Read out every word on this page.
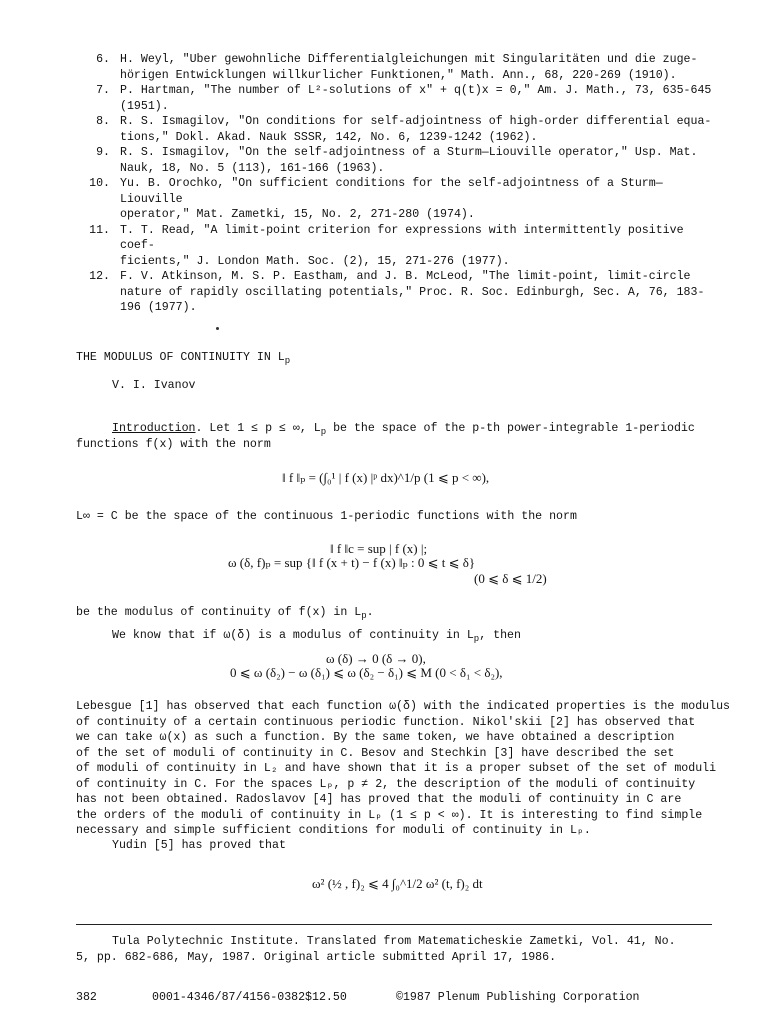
6. H. Weyl, "Uber gewohnliche Differentialgleichungen mit Singularitäten und die zuge-
hörigen Entwicklungen willkurlicher Funktionen," Math. Ann., 68, 220-269 (1910).
7. P. Hartman, "The number of L²-solutions of x" + q(t)x = 0," Am. J. Math., 73, 635-645
(1951).
8. R. S. Ismagilov, "On conditions for self-adjointness of high-order differential equa-
tions," Dokl. Akad. Nauk SSSR, 142, No. 6, 1239-1242 (1962).
9. R. S. Ismagilov, "On the self-adjointness of a Sturm—Liouville operator," Usp. Mat.
Nauk, 18, No. 5 (113), 161-166 (1963).
10. Yu. B. Orochko, "On sufficient conditions for the self-adjointness of a Sturm—Liouville
operator," Mat. Zametki, 15, No. 2, 271-280 (1974).
11. T. T. Read, "A limit-point criterion for expressions with intermittently positive coef-
ficients," J. London Math. Soc. (2), 15, 271-276 (1977).
12. F. V. Atkinson, M. S. P. Eastham, and J. B. McLeod, "The limit-point, limit-circle
nature of rapidly oscillating potentials," Proc. R. Soc. Edinburgh, Sec. A, 76, 183-
196 (1977).
THE MODULUS OF CONTINUITY IN $L_p$
V. I. Ivanov
Introduction. Let 1 ≤ p ≤ ∞, $L_p$ be the space of the p-th power-integrable 1-periodic
functions f(x) with the norm
‖ f ‖ₚ = (∫₀¹ | f (x) |ᵖ dx)^1/p (1 ⩽ p < ∞),
L∞ = C be the space of the continuous 1-periodic functions with the norm
‖ f ‖c = sup | f (x) |;
ω (δ, f)ₚ = sup {‖ f (x + t) − f (x) ‖ₚ : 0 ⩽ t ⩽ δ}
(0 ⩽ δ ⩽ 1/2)
be the modulus of continuity of f(x) in $L_p$.
We know that if ω(δ) is a modulus of continuity in $L_p$, then
ω (δ) → 0 (δ → 0),
0 ⩽ ω (δ₂) − ω (δ₁) ⩽ ω (δ₂ − δ₁) ⩽ M (0 < δ₁ < δ₂),
Lebesgue [1] has observed that each function ω(δ) with the indicated properties is the modulus
of continuity of a certain continuous periodic function. Nikol'skii [2] has observed that
we can take ω(x) as such a function. By the same token, we have obtained a description
of the set of moduli of continuity in C. Besov and Stechkin [3] have described the set
of moduli of continuity in L₂ and have shown that it is a proper subset of the set of moduli
of continuity in C. For the spaces Lₚ, p ≠ 2, the description of the moduli of continuity
has not been obtained. Radoslavov [4] has proved that the moduli of continuity in C are
the orders of the moduli of continuity in Lₚ (1 ≤ p < ∞). It is interesting to find simple
necessary and simple sufficient conditions for moduli of continuity in Lₚ.
Yudin [5] has proved that
ω² (½ , f)₂ ⩽ 4 ∫₀^1/2 ω² (t, f)₂ dt
Tula Polytechnic Institute. Translated from Matematicheskie Zametki, Vol. 41, No.
5, pp. 682-686, May, 1987. Original article submitted April 17, 1986.
382	0001-4346/87/4156-0382$12.50	©1987 Plenum Publishing Corporation
